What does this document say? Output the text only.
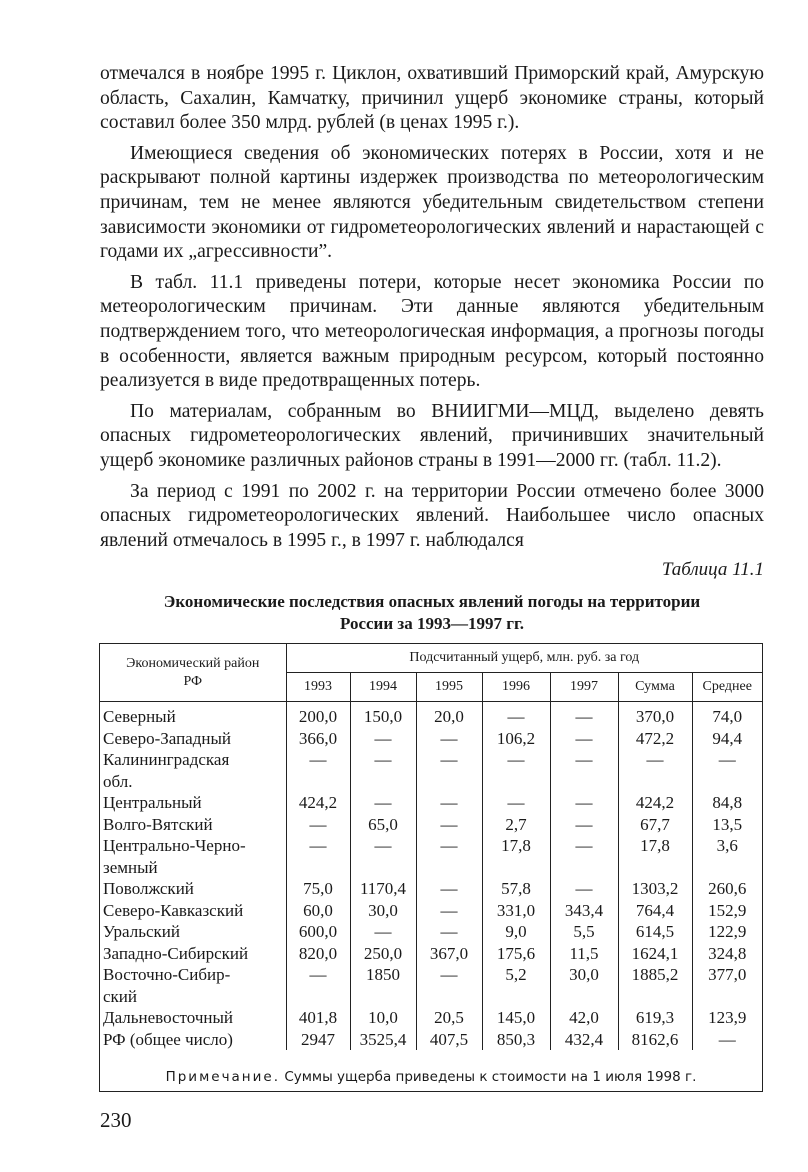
отмечался в ноябре 1995 г. Циклон, охвативший Приморский край, Амурскую область, Сахалин, Камчатку, причинил ущерб экономике страны, который составил более 350 млрд. рублей (в ценах 1995 г.).

Имеющиеся сведения об экономических потерях в России, хотя и не раскрывают полной картины издержек производства по метеорологическим причинам, тем не менее являются убедительным свидетельством степени зависимости экономики от гидрометеорологических явлений и нарастающей с годами их „агрессивности”.

В табл. 11.1 приведены потери, которые несет экономика России по метеорологическим причинам. Эти данные являются убедительным подтверждением того, что метеорологическая информация, а прогнозы погоды в особенности, является важным природным ресурсом, который постоянно реализуется в виде предотвращенных потерь.

По материалам, собранным во ВНИИГМИ—МЦД, выделено девять опасных гидрометеорологических явлений, причинивших значительный ущерб экономике различных районов страны в 1991—2000 гг. (табл. 11.2).

За период с 1991 по 2002 г. на территории России отмечено более 3000 опасных гидрометеорологических явлений. Наибольшее число опасных явлений отмечалось в 1995 г., в 1997 г. наблюдался

Таблица 11.1
Экономические последствия опасных явлений погоды на территории
России за 1993—1997 гг.
Экономический район
РФ	Подсчитанный ущерб, млн. руб. за год						
	1993	1994	1995	1996	1997	Сумма	Среднее

Северный	200,0	150,0	20,0	—	—	370,0	74,0

Северо-Западный	366,0	—	—	106,2	—	472,2	94,4

Калининградская
обл.	—	—	—	—	—	—	—

Центральный	424,2	—	—	—	—	424,2	84,8

Волго-Вятский	—	65,0	—	2,7	—	67,7	13,5

Центрально-Черно-
земный	—	—	—	17,8	—	17,8	3,6

Поволжский	75,0	1170,4	—	57,8	—	1303,2	260,6

Северо-Кавказский	60,0	30,0	—	331,0	343,4	764,4	152,9

Уральский	600,0	—	—	9,0	5,5	614,5	122,9

Западно-Сибирский	820,0	250,0	367,0	175,6	11,5	1624,1	324,8

Восточно-Сибир-
ский	—	1850	—	5,2	30,0	1885,2	377,0

Дальневосточный	401,8	10,0	20,5	145,0	42,0	619,3	123,9

РФ (общее число)	2947	3525,4	407,5	850,3	432,4	8162,6	—
Примечание. Суммы ущерба приведены к стоимости на 1 июля 1998 г.
230
